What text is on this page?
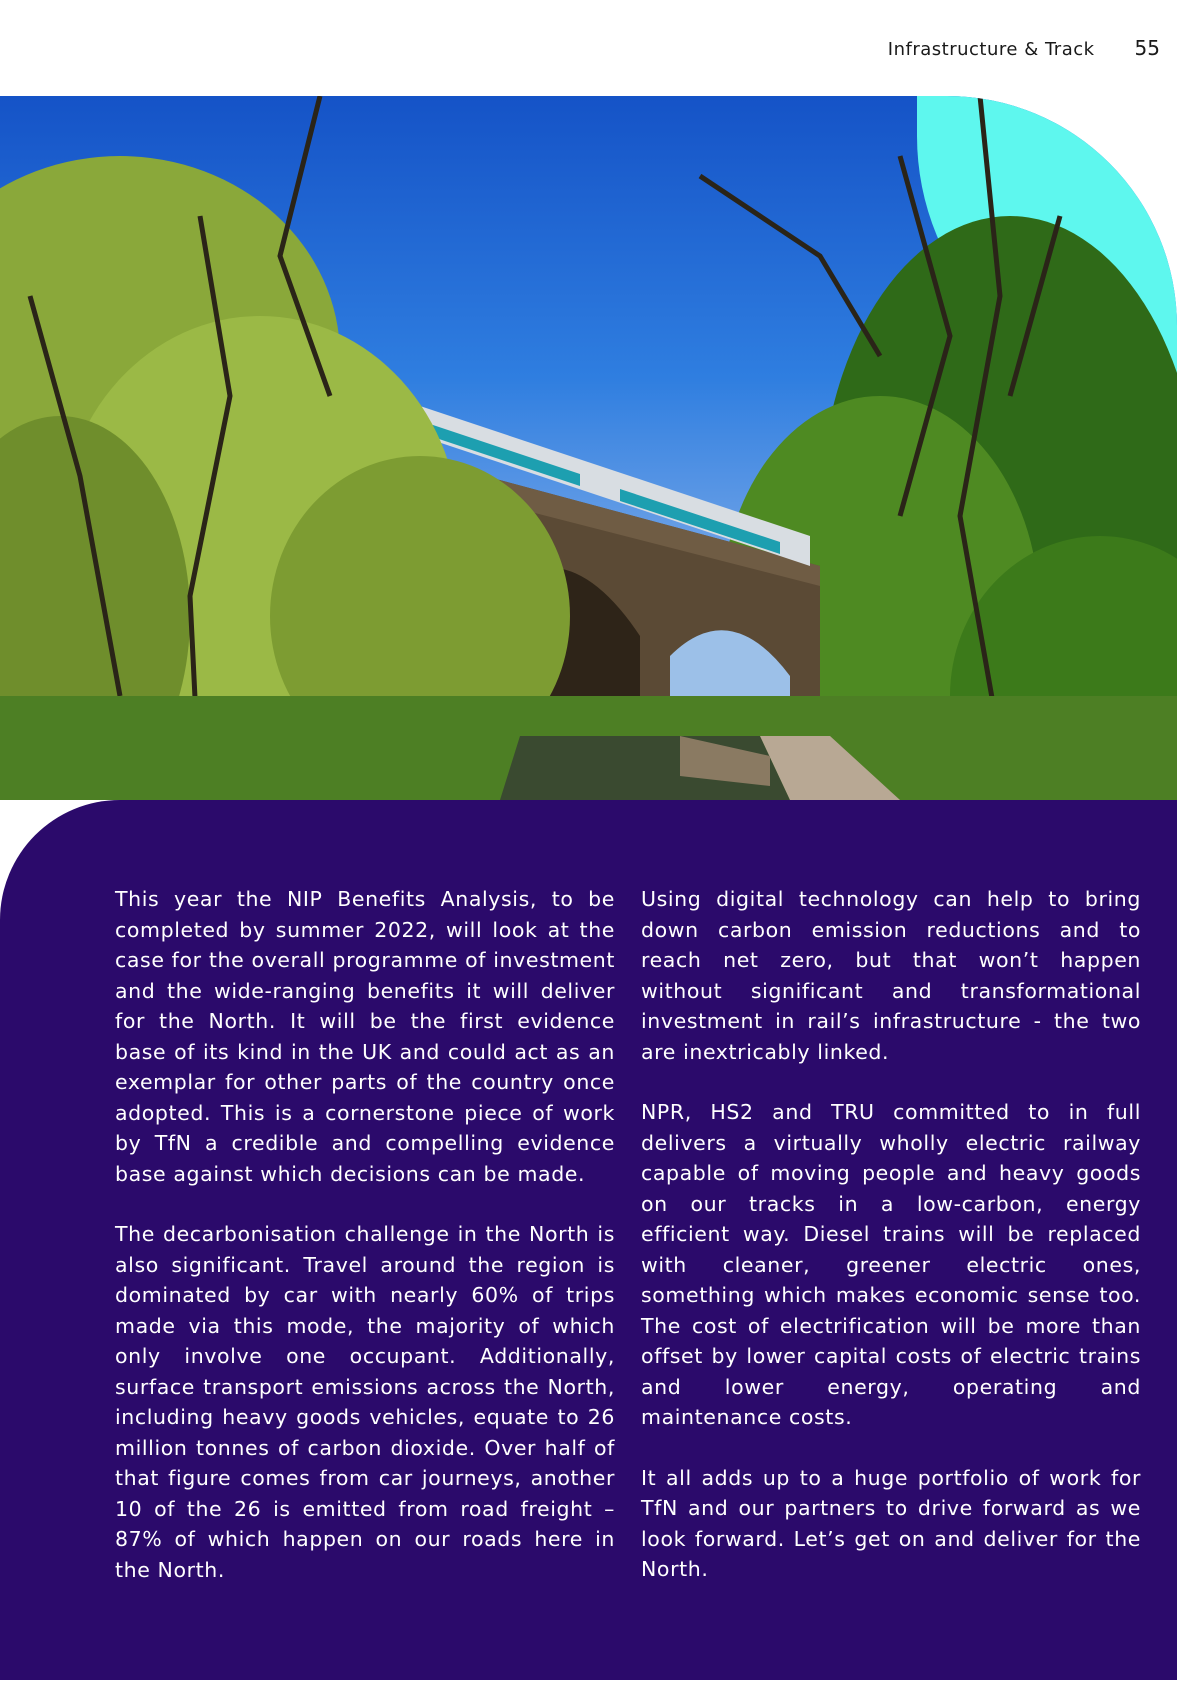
Infrastructure & Track 55

This year the NIP Benefits Analysis, to be completed by summer 2022, will look at the case for the overall programme of investment and the wide-ranging benefits it will deliver for the North. It will be the first evidence base of its kind in the UK and could act as an exemplar for other parts of the country once adopted. This is a cornerstone piece of work by TfN a credible and compelling evidence base against which decisions can be made.

The decarbonisation challenge in the North is also significant. Travel around the region is dominated by car with nearly 60% of trips made via this mode, the majority of which only involve one occupant. Additionally, surface transport emissions across the North, including heavy goods vehicles, equate to 26 million tonnes of carbon dioxide. Over half of that figure comes from car journeys, another 10 of the 26 is emitted from road freight – 87% of which happen on our roads here in the North.

Using digital technology can help to bring down carbon emission reductions and to reach net zero, but that won’t happen without significant and transformational investment in rail’s infrastructure - the two are inextricably linked.

NPR, HS2 and TRU committed to in full delivers a virtually wholly electric railway capable of moving people and heavy goods on our tracks in a low-carbon, energy efficient way. Diesel trains will be replaced with cleaner, greener electric ones, something which makes economic sense too. The cost of electrification will be more than offset by lower capital costs of electric trains and lower energy, operating and maintenance costs.

It all adds up to a huge portfolio of work for TfN and our partners to drive forward as we look forward. Let’s get on and deliver for the North.
